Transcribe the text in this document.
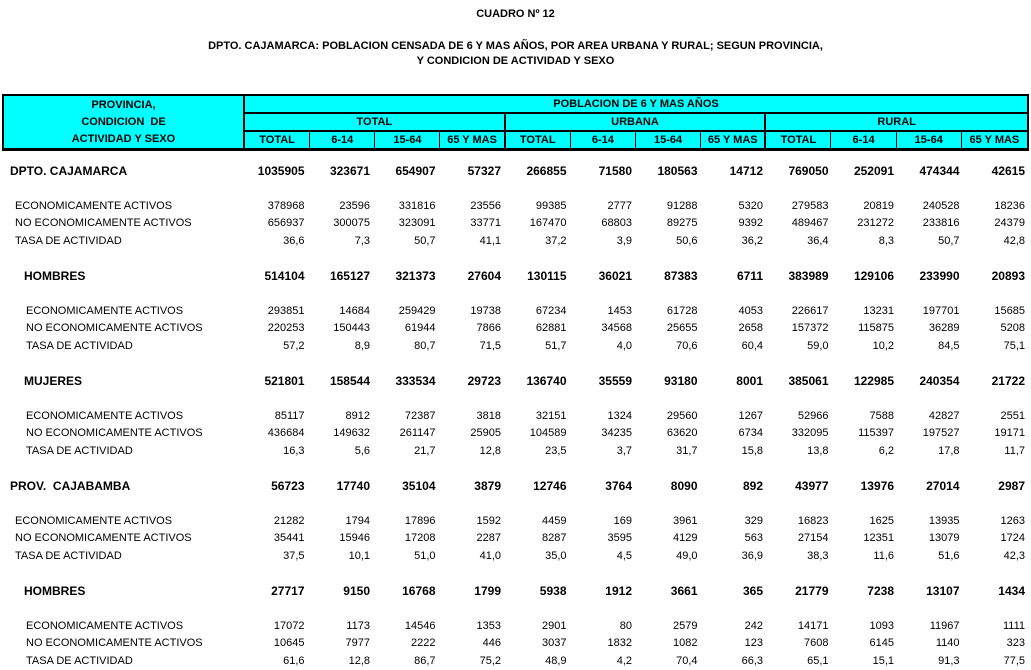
CUADRO Nº 12
DPTO. CAJAMARCA: POBLACION CENSADA DE 6 Y MAS AÑOS, POR AREA URBANA Y RURAL; SEGUN PROVINCIA,
Y CONDICION DE ACTIVIDAD Y SEXO
PROVINCIA,
CONDICION  DE
ACTIVIDAD Y SEXO
POBLACION DE 6 Y MAS AÑOS
TOTAL	URBANA	RURAL
TOTAL	6-14	15-64	65 Y MAS	TOTAL	6-14	15-64	65 Y MAS	TOTAL	6-14	15-64	65 Y MAS
DPTO. CAJAMARCA	1035905	323671	654907	57327	266855	71580	180563	14712	769050	252091	474344	42615
ECONOMICAMENTE ACTIVOS	378968	23596	331816	23556	99385	2777	91288	5320	279583	20819	240528	18236
NO ECONOMICAMENTE ACTIVOS	656937	300075	323091	33771	167470	68803	89275	9392	489467	231272	233816	24379
TASA DE ACTIVIDAD	36,6	7,3	50,7	41,1	37,2	3,9	50,6	36,2	36,4	8,3	50,7	42,8
HOMBRES	514104	165127	321373	27604	130115	36021	87383	6711	383989	129106	233990	20893
ECONOMICAMENTE ACTIVOS	293851	14684	259429	19738	67234	1453	61728	4053	226617	13231	197701	15685
NO ECONOMICAMENTE ACTIVOS	220253	150443	61944	7866	62881	34568	25655	2658	157372	115875	36289	5208
TASA DE ACTIVIDAD	57,2	8,9	80,7	71,5	51,7	4,0	70,6	60,4	59,0	10,2	84,5	75,1
MUJERES	521801	158544	333534	29723	136740	35559	93180	8001	385061	122985	240354	21722
ECONOMICAMENTE ACTIVOS	85117	8912	72387	3818	32151	1324	29560	1267	52966	7588	42827	2551
NO ECONOMICAMENTE ACTIVOS	436684	149632	261147	25905	104589	34235	63620	6734	332095	115397	197527	19171
TASA DE ACTIVIDAD	16,3	5,6	21,7	12,8	23,5	3,7	31,7	15,8	13,8	6,2	17,8	11,7
PROV.  CAJABAMBA	56723	17740	35104	3879	12746	3764	8090	892	43977	13976	27014	2987
ECONOMICAMENTE ACTIVOS	21282	1794	17896	1592	4459	169	3961	329	16823	1625	13935	1263
NO ECONOMICAMENTE ACTIVOS	35441	15946	17208	2287	8287	3595	4129	563	27154	12351	13079	1724
TASA DE ACTIVIDAD	37,5	10,1	51,0	41,0	35,0	4,5	49,0	36,9	38,3	11,6	51,6	42,3
HOMBRES	27717	9150	16768	1799	5938	1912	3661	365	21779	7238	13107	1434
ECONOMICAMENTE ACTIVOS	17072	1173	14546	1353	2901	80	2579	242	14171	1093	11967	1111
NO ECONOMICAMENTE ACTIVOS	10645	7977	2222	446	3037	1832	1082	123	7608	6145	1140	323
TASA DE ACTIVIDAD	61,6	12,8	86,7	75,2	48,9	4,2	70,4	66,3	65,1	15,1	91,3	77,5
